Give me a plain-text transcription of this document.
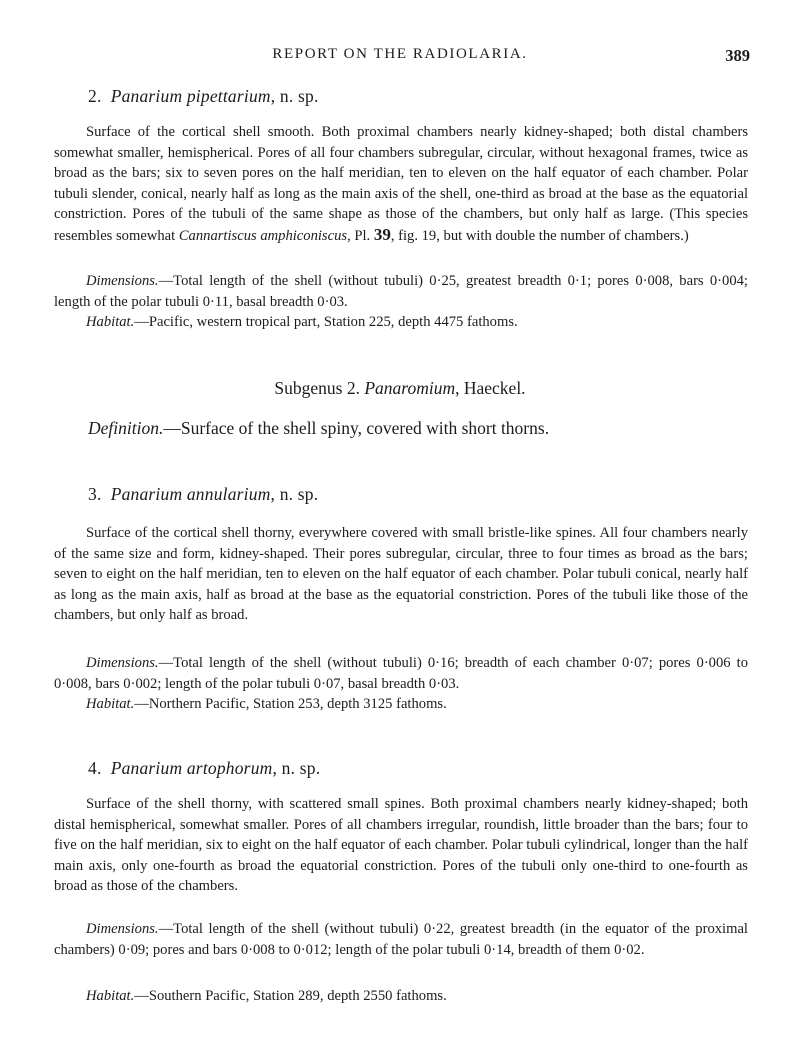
REPORT ON THE RADIOLARIA.	389
2. Panarium pipettarium, n. sp.

Surface of the cortical shell smooth. Both proximal chambers nearly kidney-shaped; both distal chambers somewhat smaller, hemispherical. Pores of all four chambers subregular, circular, without hexagonal frames, twice as broad as the bars; six to seven pores on the half meridian, ten to eleven on the half equator of each chamber. Polar tubuli slender, conical, nearly half as long as the main axis of the shell, one-third as broad at the base as the equatorial constriction. Pores of the tubuli of the same shape as those of the chambers, but only half as large. (This species resembles somewhat Cannartiscus amphiconiscus, Pl. 39, fig. 19, but with double the number of chambers.)

Dimensions.—Total length of the shell (without tubuli) 0·25, greatest breadth 0·1; pores 0·008, bars 0·004; length of the polar tubuli 0·11, basal breadth 0·03.

Habitat.—Pacific, western tropical part, Station 225, depth 4475 fathoms.

Subgenus 2. Panaromium, Haeckel.
Definition.—Surface of the shell spiny, covered with short thorns.
3. Panarium annularium, n. sp.

Surface of the cortical shell thorny, everywhere covered with small bristle-like spines. All four chambers nearly of the same size and form, kidney-shaped. Their pores subregular, circular, three to four times as broad as the bars; seven to eight on the half meridian, ten to eleven on the half equator of each chamber. Polar tubuli conical, nearly half as long as the main axis, half as broad at the base as the equatorial constriction. Pores of the tubuli like those of the chambers, but only half as broad.

Dimensions.—Total length of the shell (without tubuli) 0·16; breadth of each chamber 0·07; pores 0·006 to 0·008, bars 0·002; length of the polar tubuli 0·07, basal breadth 0·03.

Habitat.—Northern Pacific, Station 253, depth 3125 fathoms.

4. Panarium artophorum, n. sp.

Surface of the shell thorny, with scattered small spines. Both proximal chambers nearly kidney-shaped; both distal hemispherical, somewhat smaller. Pores of all chambers irregular, roundish, little broader than the bars; four to five on the half meridian, six to eight on the half equator of each chamber. Polar tubuli cylindrical, longer than the half main axis, only one-fourth as broad the equatorial constriction. Pores of the tubuli only one-third to one-fourth as broad as those of the chambers.

Dimensions.—Total length of the shell (without tubuli) 0·22, greatest breadth (in the equator of the proximal chambers) 0·09; pores and bars 0·008 to 0·012; length of the polar tubuli 0·14, breadth of them 0·02.

Habitat.—Southern Pacific, Station 289, depth 2550 fathoms.
